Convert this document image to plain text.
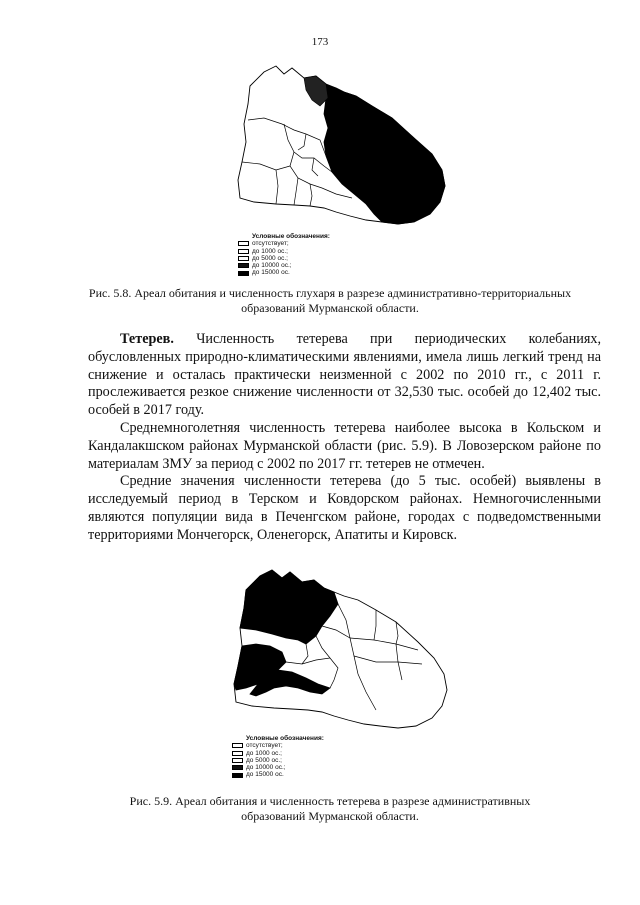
173
Условные обозначения:
отсутствует;
до 1000 ос.;
до 5000 ос.;
до 10000 ос.;
до 15000 ос.
Рис. 5.8. Ареал обитания и численность глухаря в разрезе административно-территориальных
образований Мурманской области.

Тетерев. Численность тетерева при периодических колебаниях, обусловленных природно-климатическими явлениями, имела лишь легкий тренд на снижение и осталась практически неизменной с 2002 по 2010 гг., с 2011 г. прослеживается резкое снижение численности от 32,530 тыс. особей до 12,402 тыс. особей в 2017 году.

Среднемноголетняя численность тетерева наиболее высока в Кольском и Кандалакшском районах Мурманской области (рис. 5.9). В Ловозерском районе по материалам ЗМУ за период с 2002 по 2017 гг. тетерев не отмечен.

Средние значения численности тетерева (до 5 тыс. особей) выявлены в исследуемый период в Терском и Ковдорском районах. Немногочисленными являются популяции вида в Печенгском районе, городах с подведомственными территориями Мончегорск, Оленегорск, Апатиты и Кировск.

Условные обозначения:
отсутствует;
до 1000 ос.;
до 5000 ос.;
до 10000 ос.;
до 15000 ос.
Рис. 5.9. Ареал обитания и численность тетерева в разрезе административных
образований Мурманской области.
